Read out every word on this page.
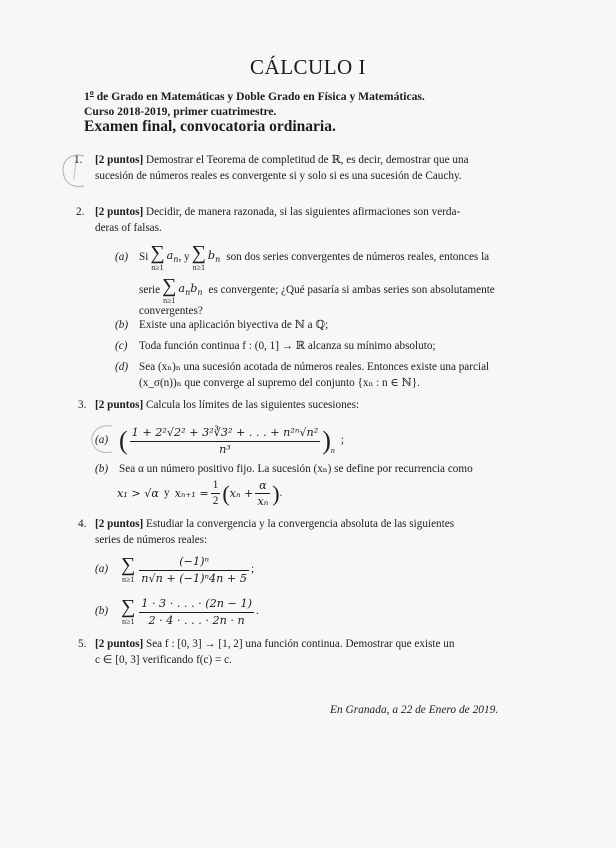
CÁLCULO I
1$^o$ de Grado en Matemáticas y Doble Grado en Física y Matemáticas.
Curso 2018-2019, primer cuatrimestre.
Examen final, convocatoria ordinaria.
1. [2 puntos] Demostrar el Teorema de completitud de ℝ, es decir, demostrar que una
sucesión de números reales es convergente si y solo si es una sucesión de Cauchy.
2. [2 puntos] Decidir, de manera razonada, si las siguientes afirmaciones son verda-
deras of falsas.
(a) Si ∑
n≥1
$a_n$ , y ∑
n≥1
$b_n$ son dos series convergentes de números reales, entonces la
serie ∑
n≥1
$a_nb_n$ es convergente; ¿Qué pasaría si ambas series son absolutamente
convergentes?
(b) Existe una aplicación biyectiva de ℕ a ℚ;
(c) Toda función continua f : (0, 1] → ℝ alcanza su mínimo absoluto;
(d) Sea (xₙ)ₙ una sucesión acotada de números reales. Entonces existe una parcial
(x_σ(n))ₙ que converge al supremo del conjunto {xₙ : n ∈ ℕ}.
3. [2 puntos] Calcula los límites de las siguientes sucesiones:
(a) ( $\frac{\text{1 + 2²√2² + 3²∛3² + . . . + n²ⁿ√n²}}{\text{n³}} )_n$
;
(b) Sea α un número positivo fijo. La sucesión (xₙ) se define por recurrencia como
x₁ > √α y $x_{n+1} = \frac{1}{2}$ ( $x_n + \frac{\alpha}{\text{xₙ}}$ ) .
4. [2 puntos] Estudiar la convergencia y la convergencia absoluta de las siguientes
series de números reales:
(a) ∑
$n\ge 1 \frac{\text{(−1)ⁿ}}{\text{n√n + (−1)ⁿ4n + 5}}$ ;
(b) ∑
$n\ge 1 \frac{1 \cdot 3 \cdot . . . \cdot (2n - 1)}{2 \cdot 4 \cdot . . . \cdot 2n \cdot n}$ .
5. [2 puntos] Sea f : [0, 3] → [1, 2] una función continua. Demostrar que existe un
c ∈ [0, 3] verificando f(c) = c.
En Granada, a 22 de Enero de 2019.
